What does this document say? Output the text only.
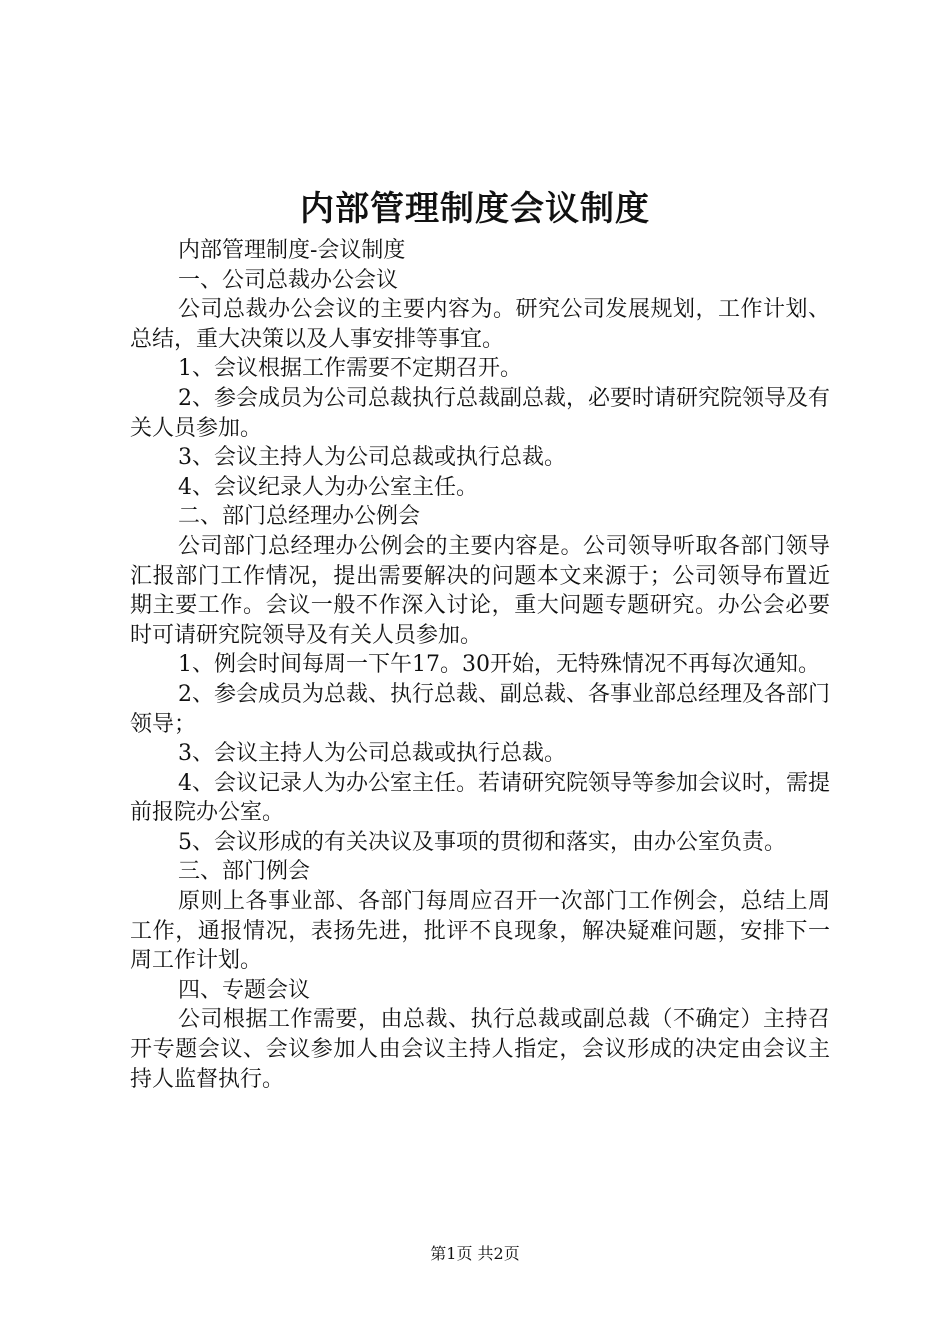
内部管理制度会议制度

内部管理制度-会议制度

一、公司总裁办公会议

公司总裁办公会议的主要内容为。研究公司发展规划，工作计划、总结，重大决策以及人事安排等事宜。

1、会议根据工作需要不定期召开。

2、参会成员为公司总裁执行总裁副总裁，必要时请研究院领导及有关人员参加。

3、会议主持人为公司总裁或执行总裁。

4、会议纪录人为办公室主任。

二、部门总经理办公例会

公司部门总经理办公例会的主要内容是。公司领导听取各部门领导汇报部门工作情况，提出需要解决的问题本文来源于；公司领导布置近期主要工作。会议一般不作深入讨论，重大问题专题研究。办公会必要时可请研究院领导及有关人员参加。

1、例会时间每周一下午17。30开始，无特殊情况不再每次通知。

2、参会成员为总裁、执行总裁、副总裁、各事业部总经理及各部门领导；

3、会议主持人为公司总裁或执行总裁。

4、会议记录人为办公室主任。若请研究院领导等参加会议时，需提前报院办公室。

5、会议形成的有关决议及事项的贯彻和落实，由办公室负责。

三、部门例会

原则上各事业部、各部门每周应召开一次部门工作例会，总结上周工作，通报情况，表扬先进，批评不良现象，解决疑难问题，安排下一周工作计划。

四、专题会议

公司根据工作需要，由总裁、执行总裁或副总裁（不确定）主持召开专题会议、会议参加人由会议主持人指定，会议形成的决定由会议主持人监督执行。

第1页 共2页
